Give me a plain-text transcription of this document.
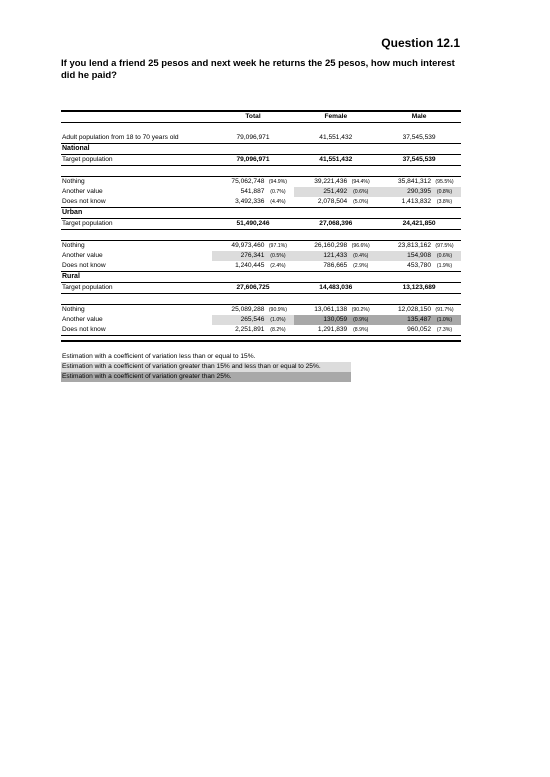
Question 12.1
If you lend a friend 25 pesos and next week he returns the 25 pesos, how much interest did he paid?
	Total	Female	Male

Adult population from 18 to 70 years old	79,096,971	41,551,432	37,545,539
National			
Target population	79,096,971	41,551,432	37,545,539

Nothing	75,062,748 (94.9%)	39,221,436 (94.4%)	35,841,312 (95.5%)

Another value	541,887 (0.7%)	251,492 (0.6%)	290,395 (0.8%)

Does not know	3,492,336 (4.4%)	2,078,504 (5.0%)	1,413,832 (3.8%)

Urban			
Target population	51,490,246	27,068,396	24,421,850

Nothing	49,973,460 (97.1%)	26,160,298 (96.6%)	23,813,162 (97.5%)

Another value	276,341 (0.5%)	121,433 (0.4%)	154,908 (0.6%)

Does not know	1,240,445 (2.4%)	786,665 (2.9%)	453,780 (1.9%)

Rural			
Target population	27,606,725	14,483,036	13,123,689

Nothing	25,089,288 (90.9%)	13,061,138 (90.2%)	12,028,150 (91.7%)

Another value	265,546 (1.0%)	130,059 (0.9%)	135,487 (1.0%)

Does not know	2,251,891 (8.2%)	1,291,839 (8.9%)	960,052 (7.3%)
Estimation with a coefficient of variation less than or equal to 15%.
Estimation with a coefficient of variation greater than 15% and less than or equal to 25%.
Estimation with a coefficient of variation greater than 25%.
